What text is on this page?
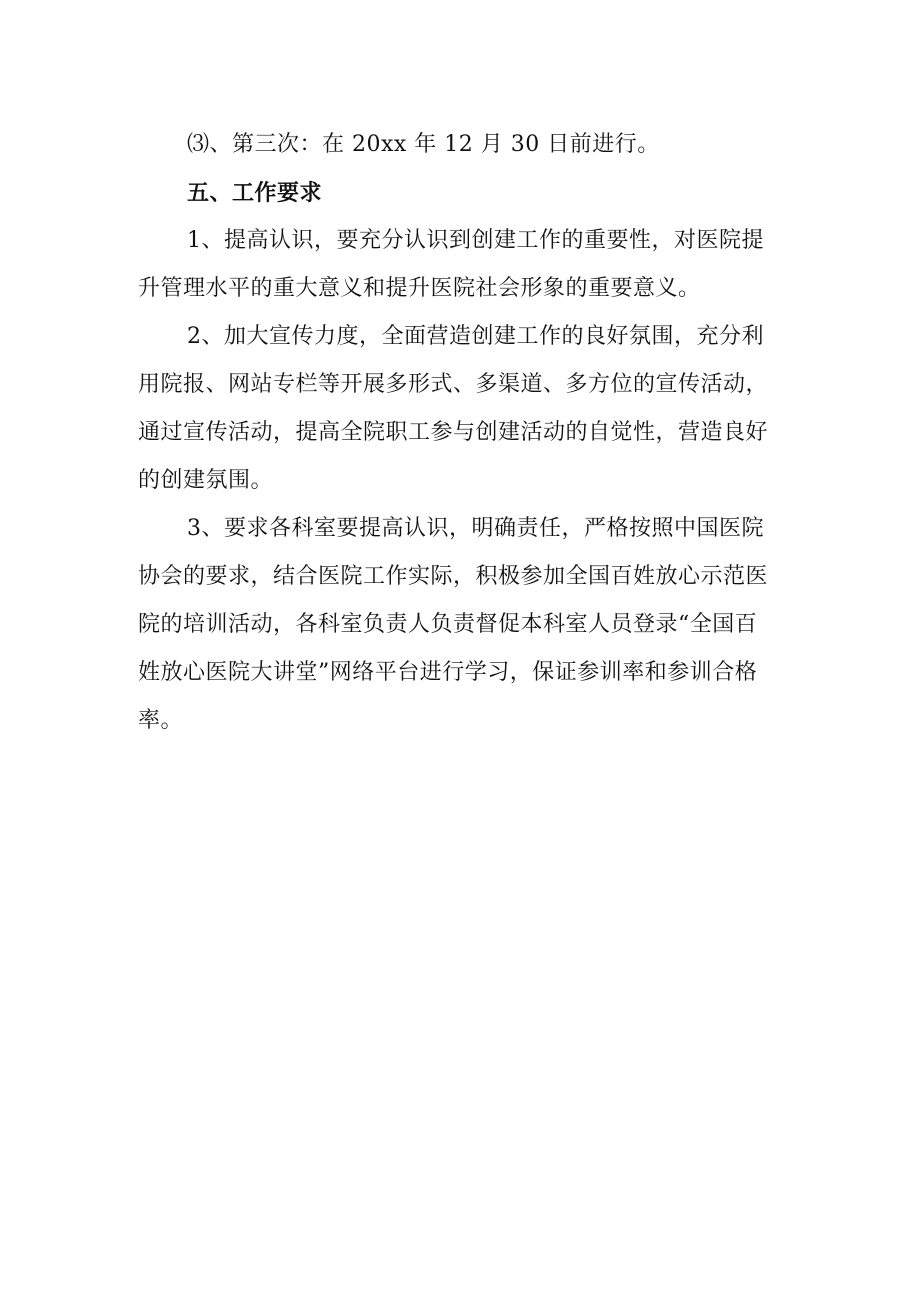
⑶、第三次：在 20xx 年 12 月 30 日前进行。
五、工作要求
1、提高认识，要充分认识到创建工作的重要性，对医院提
升管理水平的重大意义和提升医院社会形象的重要意义。
2、加大宣传力度，全面营造创建工作的良好氛围，充分利
用院报、网站专栏等开展多形式、多渠道、多方位的宣传活动，
通过宣传活动，提高全院职工参与创建活动的自觉性，营造良好
的创建氛围。
3、要求各科室要提高认识，明确责任，严格按照中国医院
协会的要求，结合医院工作实际，积极参加全国百姓放心示范医
院的培训活动，各科室负责人负责督促本科室人员登录“全国百
姓放心医院大讲堂”网络平台进行学习，保证参训率和参训合格
率。
